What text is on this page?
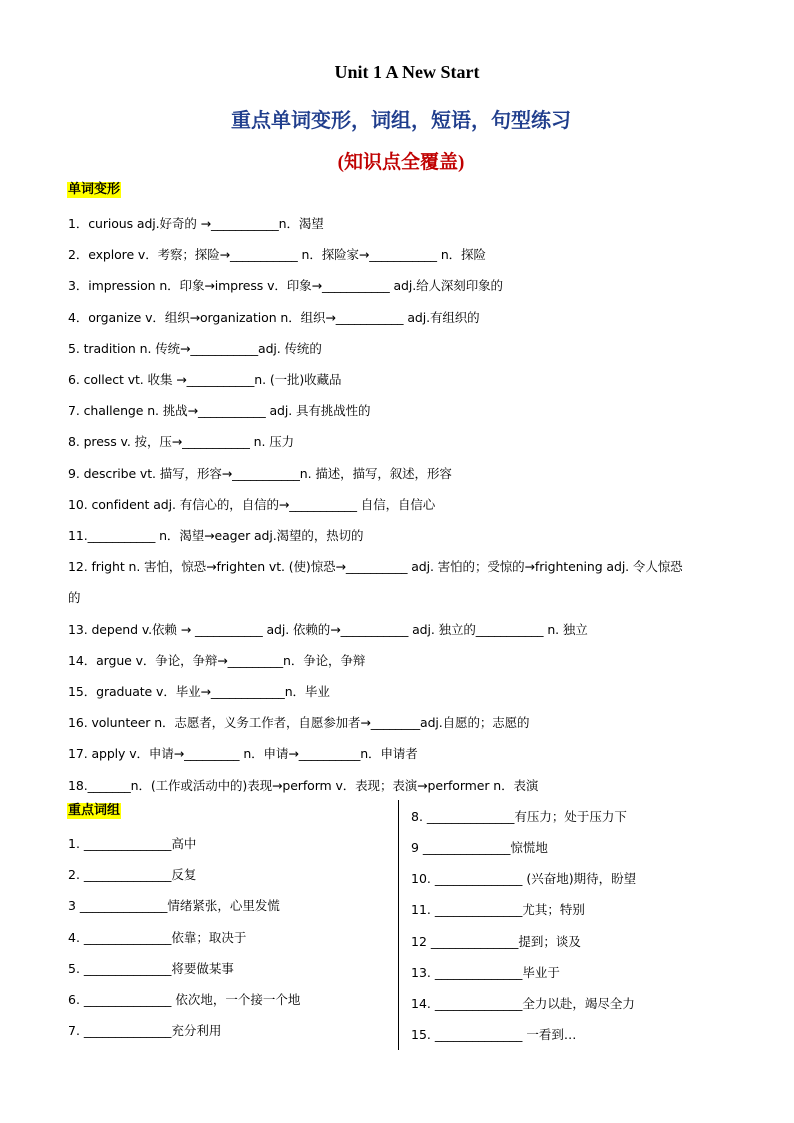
Unit 1 A New Start
重点单词变形，词组，短语，句型练习
(知识点全覆盖)
单词变形
1．curious adj.好奇的 →___________n．渴望
2．explore v．考察；探险→___________ n．探险家→___________ n．探险
3．impression n．印象→impress v．印象→___________ adj.给人深刻印象的
4．organize v．组织→organization n．组织→___________ adj.有组织的
5. tradition n. 传统→___________adj. 传统的
6. collect vt. 收集 →___________n. (一批)收藏品
7. challenge n. 挑战→___________ adj. 具有挑战性的
8. press v. 按，压→___________ n. 压力
9. describe vt. 描写，形容→___________n. 描述，描写，叙述，形容
10. confident adj. 有信心的，自信的→___________ 自信，自信心
11.___________ n．渴望→eager adj.渴望的，热切的
12. fright n. 害怕，惊恐→frighten vt. (使)惊恐→__________ adj. 害怕的；受惊的→frightening adj. 令人惊恐
的
13. depend v.依赖 → ___________ adj. 依赖的→___________ adj. 独立的___________ n. 独立
14．argue v．争论，争辩→_________n．争论，争辩
15．graduate v．毕业→____________n．毕业
16. volunteer n．志愿者，义务工作者，自愿参加者→________adj.自愿的；志愿的
17. apply v．申请→_________ n．申请→__________n．申请者
18._______n．(工作或活动中的)表现→perform v．表现；表演→performer n．表演
重点词组
1. ______________高中
2. ______________反复
3 ______________情绪紧张，心里发慌
4. ______________依靠；取决于
5. ______________将要做某事
6. ______________ 依次地，一个接一个地
7. ______________充分利用
8. ______________有压力；处于压力下
9 ______________惊慌地
10. ______________ (兴奋地)期待，盼望
11. ______________尤其；特别
12 ______________提到；谈及
13. ______________毕业于
14. ______________全力以赴，竭尽全力
15. ______________ 一看到…
